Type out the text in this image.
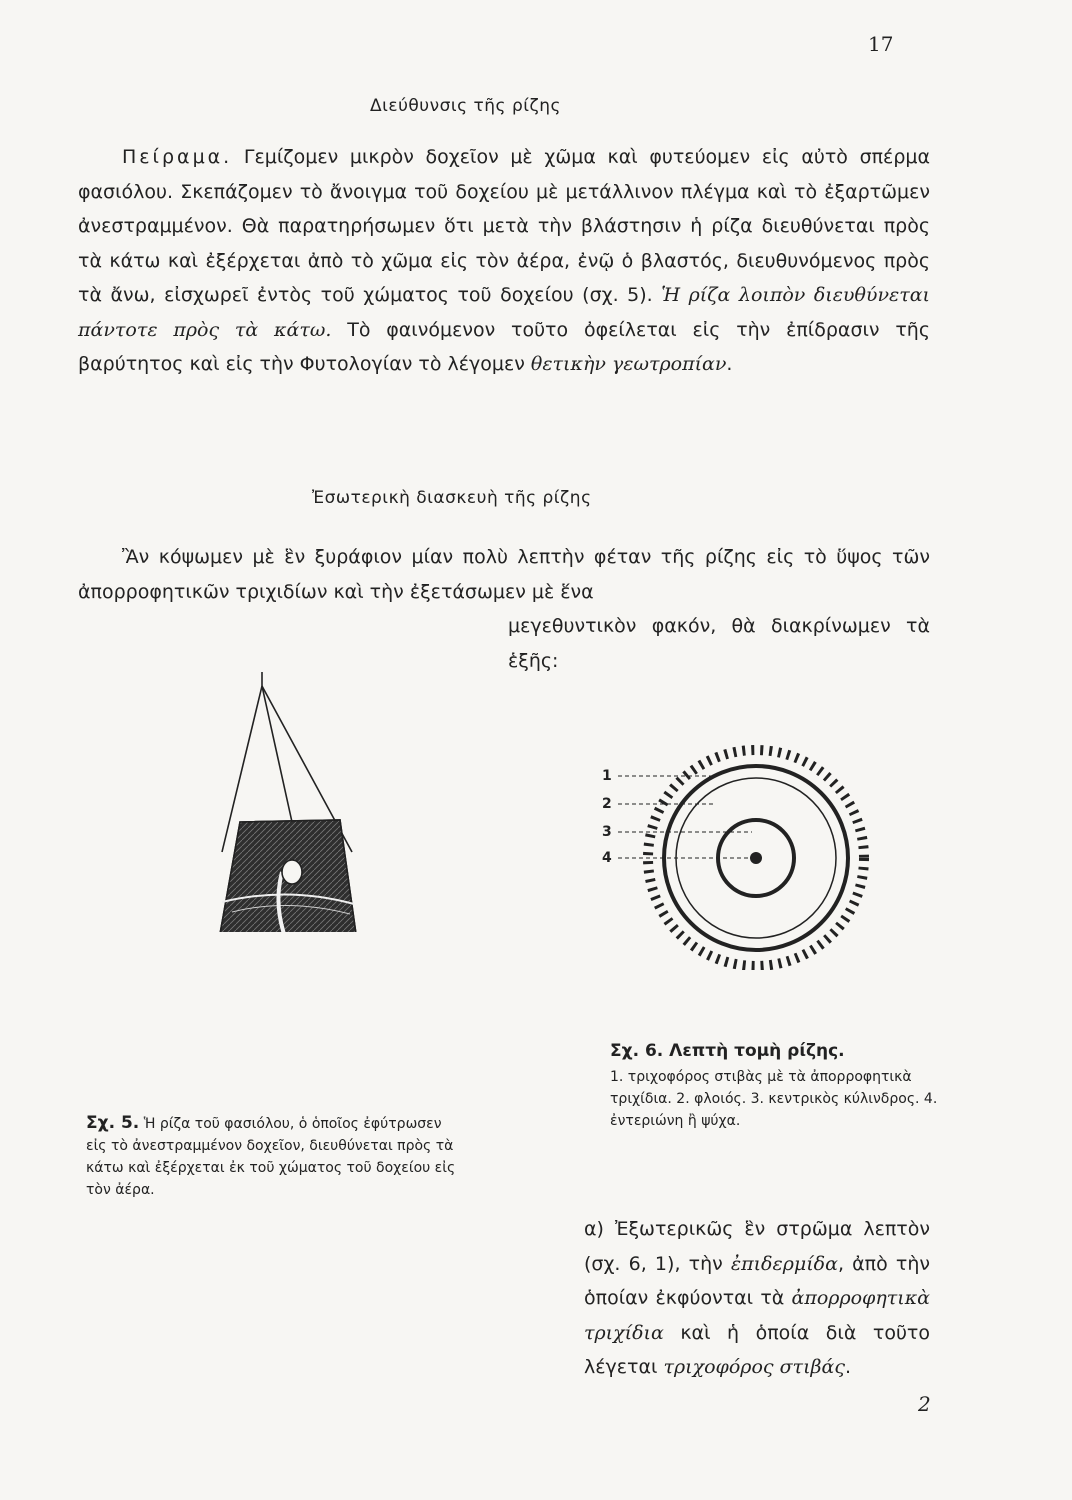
17
Διεύθυνσις τῆς ρίζης

Πείραμα. Γεμίζομεν μικρὸν δοχεῖον μὲ χῶμα καὶ φυτεύομεν εἰς αὐτὸ σπέρμα φασιόλου. Σκεπάζομεν τὸ ἄνοιγμα τοῦ δοχείου μὲ μετάλλινον πλέγμα καὶ τὸ ἐξαρτῶμεν ἀνεστραμμένον. Θὰ παρατηρήσωμεν ὅτι μετὰ τὴν βλάστησιν ἡ ρίζα διευθύνεται πρὸς τὰ κάτω καὶ ἐξέρχεται ἀπὸ τὸ χῶμα εἰς τὸν ἀέρα, ἐνῷ ὁ βλαστός, διευθυνόμενος πρὸς τὰ ἄνω, εἰσχωρεῖ ἐντὸς τοῦ χώματος τοῦ δοχείου (σχ. 5). Ἡ ρίζα λοιπὸν διευθύνεται πάντοτε πρὸς τὰ κάτω. Τὸ φαινόμενον τοῦτο ὀφείλεται εἰς τὴν ἐπίδρασιν τῆς βαρύτητος καὶ εἰς τὴν Φυτολογίαν τὸ λέγομεν θετικὴν γεωτροπίαν.

Ἐσωτερικὴ διασκευὴ τῆς ρίζης

Ἂν κόψωμεν μὲ ἓν ξυράφιον μίαν πολὺ λεπτὴν φέταν τῆς ρίζης εἰς τὸ ὕψος τῶν ἀπορροφητικῶν τριχιδίων καὶ τὴν ἐξετάσωμεν μὲ ἕνα

μεγεθυντικὸν φακόν, θὰ διακρίνωμεν τὰ ἑξῆς:

1
2
3
4
Σχ. 6. Λεπτὴ τομὴ ρίζης.
1. τριχοφόρος στιβὰς μὲ τὰ ἀπορροφητικὰ τριχίδια. 2. φλοιός. 3. κεντρικὸς κύλινδρος. 4. ἐντεριώνη ἢ ψύχα.
Σχ. 5. Ἡ ρίζα τοῦ φασιόλου, ὁ ὁποῖος ἐφύτρωσεν εἰς τὸ ἀνεστραμμένον δοχεῖον, διευθύνεται πρὸς τὰ κάτω καὶ ἐξέρχεται ἐκ τοῦ χώματος τοῦ δοχείου εἰς τὸν ἀέρα.

α) Ἐξωτερικῶς ἓν στρῶμα λεπτὸν (σχ. 6, 1), τὴν ἐπιδερμίδα, ἀπὸ τὴν ὁποίαν ἐκφύονται τὰ ἀπορροφητικὰ τριχίδια καὶ ἡ ὁποία διὰ τοῦτο λέγεται τριχοφόρος στιβάς.

2
